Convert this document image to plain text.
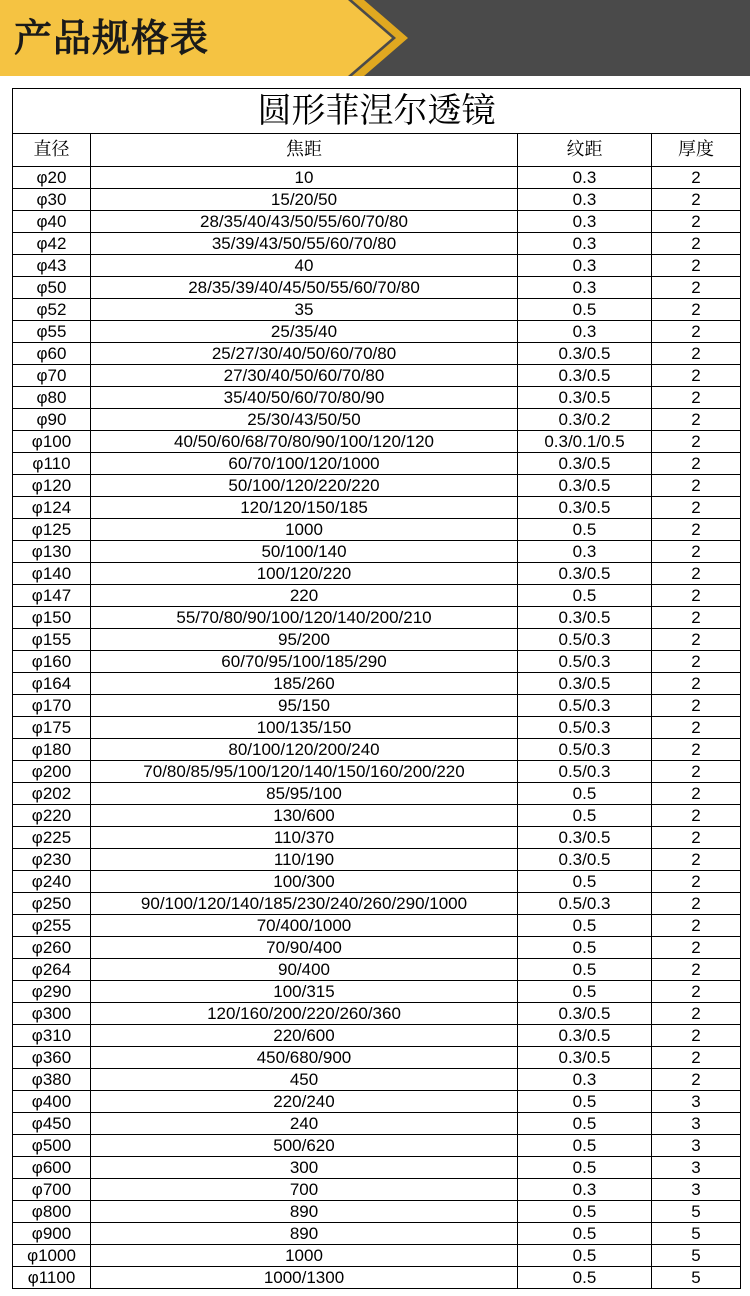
产品规格表
圆形菲涅尔透镜			
直径	焦距	纹距	厚度
φ20	10	0.3	2
φ30	15/20/50	0.3	2
φ40	28/35/40/43/50/55/60/70/80	0.3	2
φ42	35/39/43/50/55/60/70/80	0.3	2
φ43	40	0.3	2
φ50	28/35/39/40/45/50/55/60/70/80	0.3	2
φ52	35	0.5	2
φ55	25/35/40	0.3	2
φ60	25/27/30/40/50/60/70/80	0.3/0.5	2
φ70	27/30/40/50/60/70/80	0.3/0.5	2
φ80	35/40/50/60/70/80/90	0.3/0.5	2
φ90	25/30/43/50/50	0.3/0.2	2
φ100	40/50/60/68/70/80/90/100/120/120	0.3/0.1/0.5	2
φ110	60/70/100/120/1000	0.3/0.5	2
φ120	50/100/120/220/220	0.3/0.5	2
φ124	120/120/150/185	0.3/0.5	2
φ125	1000	0.5	2
φ130	50/100/140	0.3	2
φ140	100/120/220	0.3/0.5	2
φ147	220	0.5	2
φ150	55/70/80/90/100/120/140/200/210	0.3/0.5	2
φ155	95/200	0.5/0.3	2
φ160	60/70/95/100/185/290	0.5/0.3	2
φ164	185/260	0.3/0.5	2
φ170	95/150	0.5/0.3	2
φ175	100/135/150	0.5/0.3	2
φ180	80/100/120/200/240	0.5/0.3	2
φ200	70/80/85/95/100/120/140/150/160/200/220	0.5/0.3	2
φ202	85/95/100	0.5	2
φ220	130/600	0.5	2
φ225	110/370	0.3/0.5	2
φ230	110/190	0.3/0.5	2
φ240	100/300	0.5	2
φ250	90/100/120/140/185/230/240/260/290/1000	0.5/0.3	2
φ255	70/400/1000	0.5	2
φ260	70/90/400	0.5	2
φ264	90/400	0.5	2
φ290	100/315	0.5	2
φ300	120/160/200/220/260/360	0.3/0.5	2
φ310	220/600	0.3/0.5	2
φ360	450/680/900	0.3/0.5	2
φ380	450	0.3	2
φ400	220/240	0.5	3
φ450	240	0.5	3
φ500	500/620	0.5	3
φ600	300	0.5	3
φ700	700	0.3	3
φ800	890	0.5	5
φ900	890	0.5	5
φ1000	1000	0.5	5
φ1100	1000/1300	0.5	5
